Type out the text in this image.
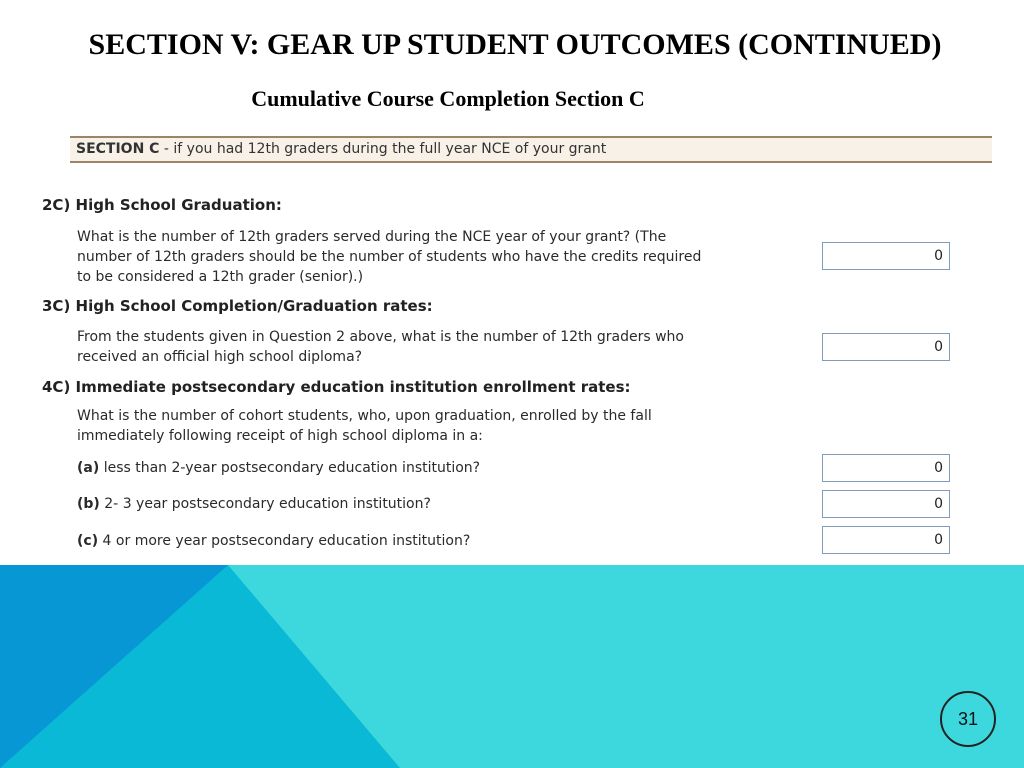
SECTION V: GEAR UP STUDENT OUTCOMES (CONTINUED)
Cumulative Course Completion Section C
SECTION C - if you had 12th graders during the full year NCE of your grant
2C) High School Graduation:
What is the number of 12th graders served during the NCE year of your grant? (The
number of 12th graders should be the number of students who have the credits required
to be considered a 12th grader (senior).)
0
3C) High School Completion/Graduation rates:
From the students given in Question 2 above, what is the number of 12th graders who
received an official high school diploma?
0
4C) Immediate postsecondary education institution enrollment rates:
What is the number of cohort students, who, upon graduation, enrolled by the fall
immediately following receipt of high school diploma in a:
(a) less than 2-year postsecondary education institution?
0
(b) 2- 3 year postsecondary education institution?
0
(c) 4 or more year postsecondary education institution?
0
31
